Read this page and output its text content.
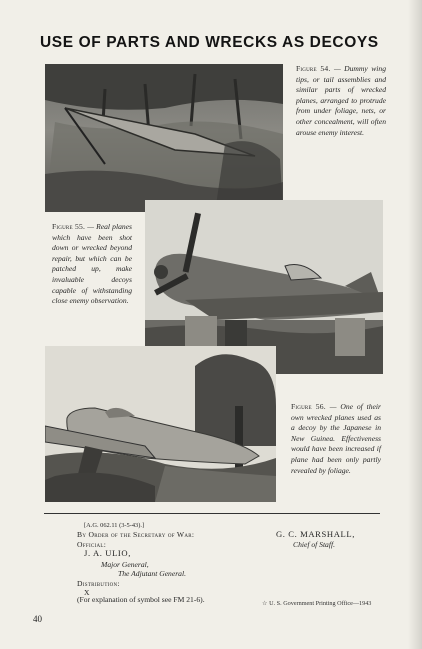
USE OF PARTS AND WRECKS AS DECOYS
Figure 54. — Dummy wing tips, or tail assemblies and similar parts of wrecked planes, arranged to protrude from under foliage, nets, or other concealment, will often arouse enemy interest.
Figure 55. — Real planes which have been shot down or wrecked beyond repair, but which can be patched up, make invaluable decoys capable of withstanding close enemy observation.
Figure 56. — One of their own wrecked planes used as a decoy by the Japanese in New Guinea. Effectiveness would have been increased if plane had been only partly revealed by foliage.
[A.G. 062.11 (3-5-43).]
By Order of the Secretary of War:
Official:
J. A. ULIO,
Major General,
The Adjutant General.
Distribution:
X
(For explanation of symbol see FM 21-6).
G. C. MARSHALL,
Chief of Staff.
☆ U. S. Government Printing Office—1943
40
